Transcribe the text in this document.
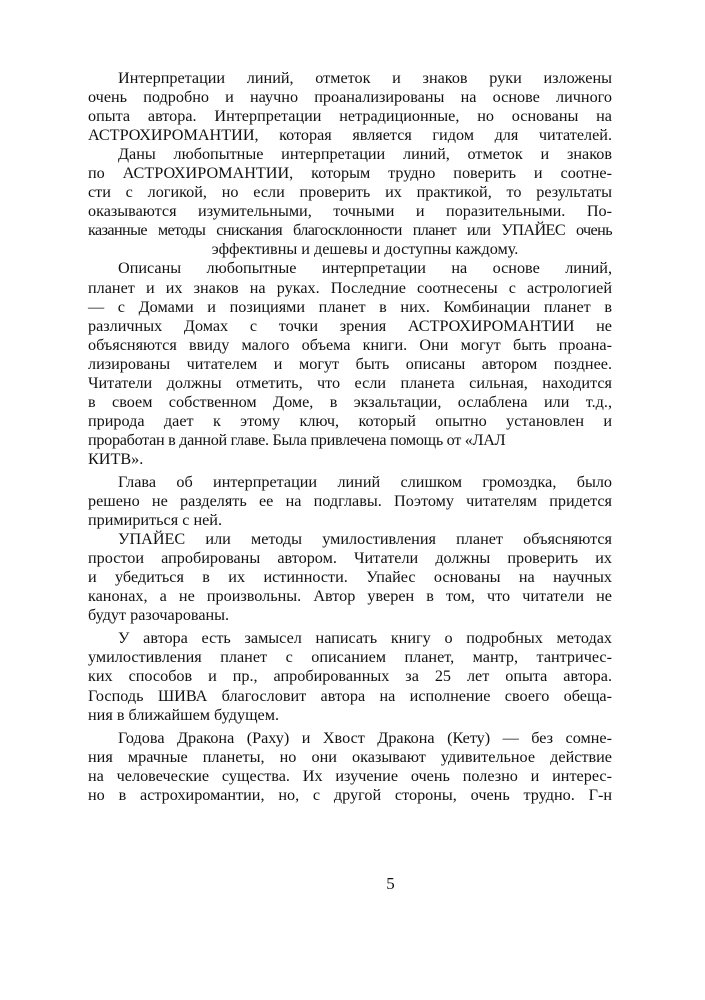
Интерпретации линий, отметок и знаков руки изложены
очень подробно и научно проанализированы на основе личного
опыта автора. Интерпретации нетрадиционные, но основаны на
АСТРОХИРОМАНТИИ, которая является гидом для читателей.
Даны любопытные интерпретации линий, отметок и знаков
по АСТРОХИРОМАНТИИ, которым трудно поверить и соотне-
сти с логикой, но если проверить их практикой, то результаты
оказываются изумительными, точными и поразительными. По-
казанные методы снискания благосклонности планет или УПАЙЕС очень
эффективны и дешевы и доступны каждому.
Описаны любопытные интерпретации на основе линий,
планет и их знаков на руках. Последние соотнесены с астрологией
— с Домами и позициями планет в них. Комбинации планет в
различных Домах с точки зрения АСТРОХИРОМАНТИИ не
объясняются ввиду малого объема книги. Они могут быть проана-
лизированы читателем и могут быть описаны автором позднее.
Читатели должны отметить, что если планета сильная, находится
в своем собственном Доме, в экзальтации, ослаблена или т.д.,
природа дает к этому ключ, который опытно установлен и
проработан в данной главе. Была привлечена помощь от «ЛАЛ
КИТВ».
Глава об интерпретации линий слишком громоздка, было
решено не разделять ее на подглавы. Поэтому читателям придется
примириться с ней.
УПАЙЕС или методы умилостивления планет объясняются
простои апробированы автором. Читатели должны проверить их
и убедиться в их истинности. Упайес основаны на научных
канонах, а не произвольны. Автор уверен в том, что читатели не
будут разочарованы.
У автора есть замысел написать книгу о подробных методах
умилостивления планет с описанием планет, мантр, тантричес-
ких способов и пр., апробированных за 25 лет опыта автора.
Господь ШИВА благословит автора на исполнение своего обеща-
ния в ближайшем будущем.
Годова Дракона (Раху) и Хвост Дракона (Кету) — без сомне-
ния мрачные планеты, но они оказывают удивительное действие
на человеческие существа. Их изучение очень полезно и интерес-
но в астрохиромантии, но, с другой стороны, очень трудно. Г-н
5
